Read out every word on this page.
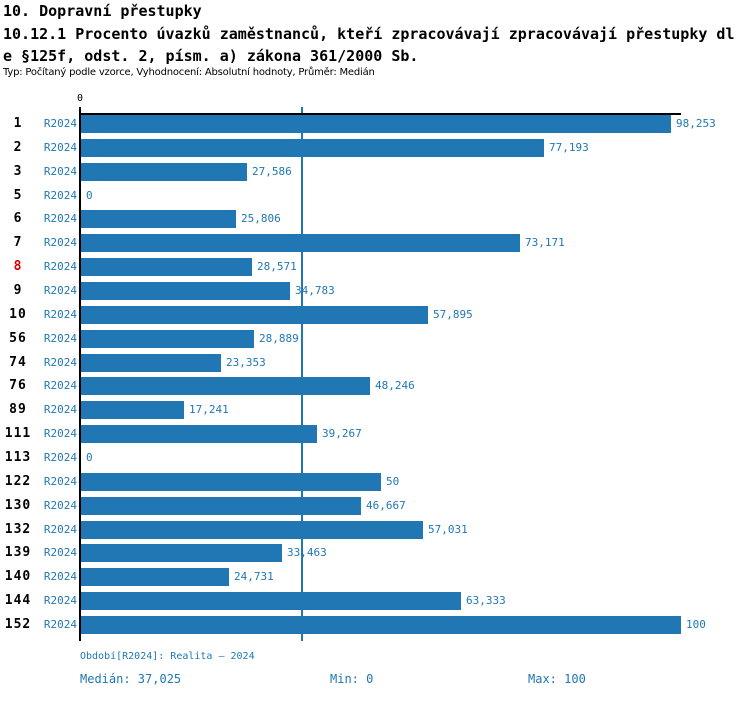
10. Dopravní přestupky
10.12.1 Procento úvazků zaměstnanců, kteří zpracovávají zpracovávají přestupky dle §125f, odst. 2, písm. a) zákona 361/2000 Sb.
Typ: Počítaný podle vzorce, Vyhodnocení: Absolutní hodnoty, Průměr: Medián
0
1	R2024	98,253
2	R2024	77,193
3	R2024	27,586
5	R2024 0
6	R2024	25,806
7	R2024	73,171
8	R2024	28,571
9	R2024	34,783
10	R2024	57,895
56	R2024	28,889
74	R2024	23,353
76	R2024	48,246
89	R2024	17,241
111	R2024	39,267
113	R2024 0
122	R2024	50
130	R2024	46,667
132	R2024	57,031
139	R2024	33,463
140	R2024	24,731
144	R2024	63,333
152	R2024	100
Období[R2024]: Realita – 2024
Medián: 37,025	Min: 0	Max: 100
